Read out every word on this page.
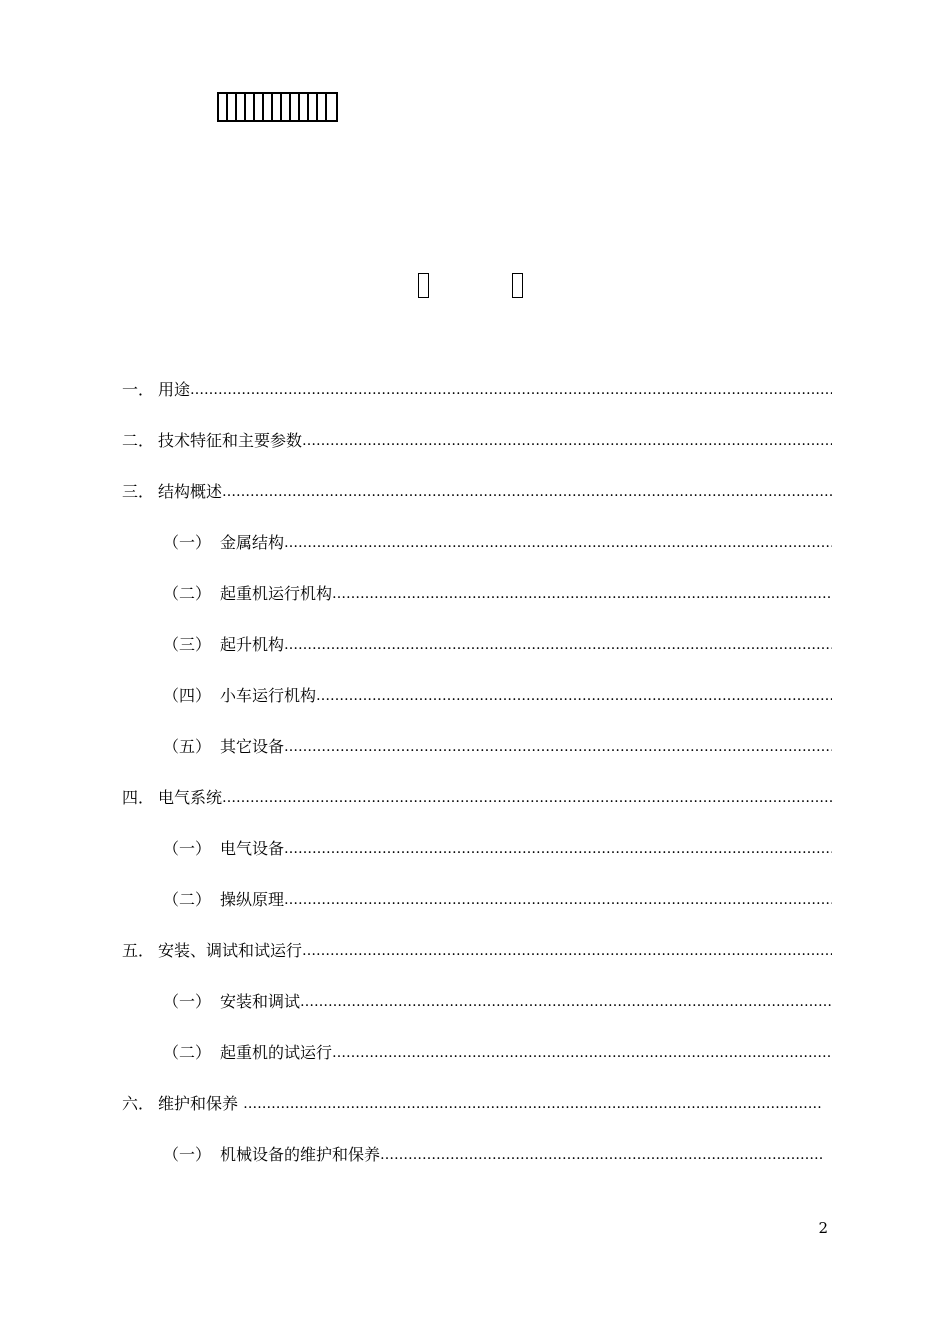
一． 用途
…………………………………………………………………………………………………………………………………………………………………………………………
二． 技术特征和主要参数
…………………………………………………………………………………………………………………………………………………………………………………………
三． 结构概述
…………………………………………………………………………………………………………………………………………………………………………………………
（一） 金属结构
…………………………………………………………………………………………………………………………………………………………………………………………
（二） 起重机运行机构
…………………………………………………………………………………………………………………………………………………………………………………………
（三） 起升机构
…………………………………………………………………………………………………………………………………………………………………………………………
（四） 小车运行机构
…………………………………………………………………………………………………………………………………………………………………………………………
（五） 其它设备
…………………………………………………………………………………………………………………………………………………………………………………………
四． 电气系统
…………………………………………………………………………………………………………………………………………………………………………………………
（一） 电气设备
…………………………………………………………………………………………………………………………………………………………………………………………
（二） 操纵原理
…………………………………………………………………………………………………………………………………………………………………………………………
五． 安装、调试和试运行
…………………………………………………………………………………………………………………………………………………………………………………………
（一） 安装和调试
…………………………………………………………………………………………………………………………………………………………………………………………
（二） 起重机的试运行
…………………………………………………………………………………………………………………………………………………………………………………………
六． 维护和保养
…………………………………………………………………………………………………………………………………………………………………………………………
（一） 机械设备的维护和保养
…………………………………………………………………………………………………………………………………………………………………………………………
2
